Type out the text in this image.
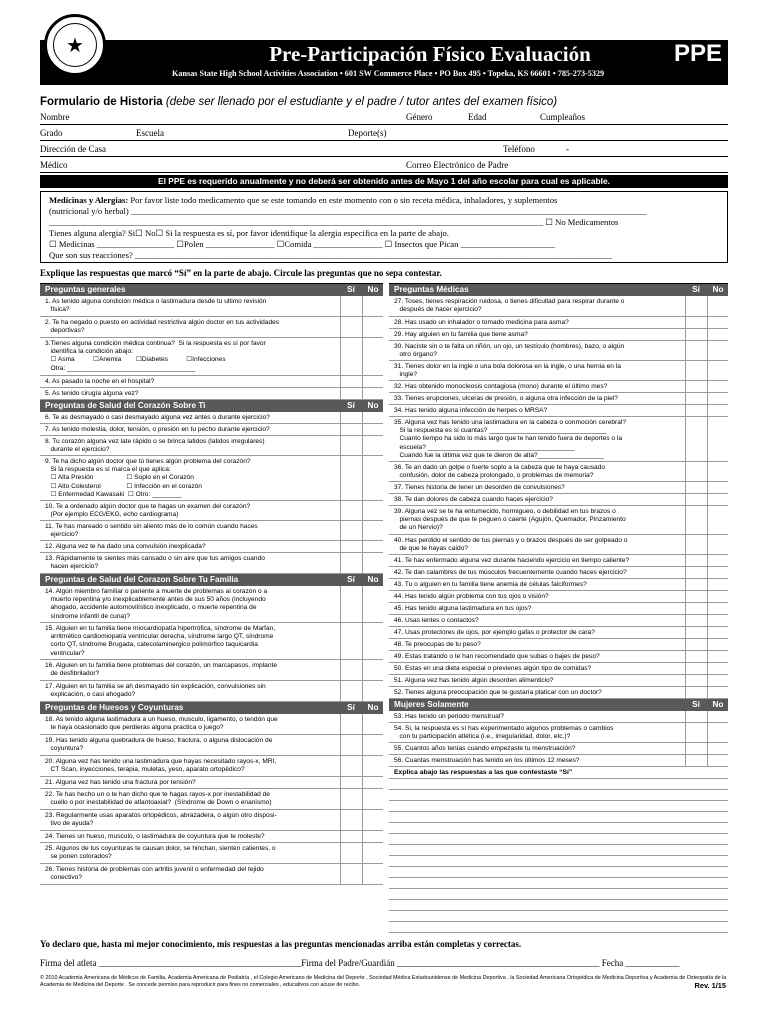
★	Pre-Participación Físico Evaluación	PPE
Kansas State High School Activities Association • 601 SW Commerce Place • PO Box 495 • Topeka, KS 66601 • 785-273-5329
Formulario de Historia (debe ser llenado por el estudiante y el padre / tutor antes del examen físico)
Nombre	Género	Edad	Cumpleaños
Grado	Escuela	Deporte(s)
Dirección de Casa	Teléfono	-
Médico	Correo Electrónico de Padre
El PPE es requerido anualmente y no deberá ser obtenido antes de Mayo 1 del año escolar para cual es aplicable.
Medicinas y Alergias: Por favor liste todo medicamento que se este tomando en este momento con o sin receta médica, inhaladores, y suplementos
(nutricional y/o herbal) ________________________________________________________________________________________________________________________
___________________________________________________________________________________________________________________ ☐ No Medicamentos
Tienes alguna alergia? Si☐ No☐ Si la respuesta es sí, por favor identifique la alergia especifica en la parte de abajo.
☐ Medicinas __________________ ☐Polen ________________ ☐Comida ________________ ☐ Insectos que Pican ______________________
Que son sus reacciones? _______________________________________________________________________________________________________________
Explique las respuestas que marcó “Sí” en la parte de abajo. Circule las preguntas que no sepa contestar.
Preguntas generales	Sí	No
1. As tenido alguna condición médica o lastimadura desde tu ultimo revisión
física?
2. Te ha negado o puesto en actividad restrictiva algún doctor en tus actividades
deportivas?
3.Tienes alguna condición médica continua?  Si la respuesta es sí por favor
identifica la condición abajo:
☐ Asma          ☐Anemia        ☐Diabetes          ☐Infecciones
Otra: ___________________________________
4. As pasado la noche en el hospital?
5. As tenido cirugía alguna vez?
Preguntas de Salud del Corazón Sobre Ti	Sí	No
6. Te as desmayado o casi desmayado alguna vez antes o durante ejercicio?
7. As tenido molestia, dolor, tensión, o presión en tu pecho durante ejercicio?
8. Tu corazón alguna vez late rápido o se brinca latidos (latidos irregulares)
durante el ejercicio?
9. Te ha dicho algún doctor que tú tienes algún problema del corazón?
Si la respuesta es sí marca el que aplica:
☐ Alta Presión                  ☐ Soplo en el Corazón
☐ Alto Colesterol              ☐ Infección en el corazón
☐ Enfermedad Kawasaki  ☐ Otro: ________
10. Te a ordenado algún doctor que te hagas un examen del corazón?
(Por ejemplo ECG/EKG, echo cardiograma)
11. Te has mareado o sentido sin aliento más de lo común cuando haces
ejercicio?
12. Alguna vez te ha dado una convulsión inexplicada?
13. Rápidamente te sientes más cansado o sin aire que tus amigos cuando
hacen ejercicio?
Preguntas de Salud del Corazon Sobre Tu Familia	Sí	No
14. Algún miembro familiar o pariente a muerte de problemas al corazón o a
muerto repentina y/o inexplicablemente antes de sus 50 años (incluyendo
ahogado, accidente automovilístico inexplicado, o muerte repentina de
síndrome infantil de cuna)?
15. Alguien en tu familia tiene miocardiopatía hipertrófica, síndrome de Marfan,
arritmético cardiomiopatía ventricular derecha, síndrome largo QT, síndrome
corto QT, síndrome Brugada, catecolaminergico polimórfico taquicardia
ventricular?
16. Alguien en tu familia tiene problemas del corazón, un marcapasos, implante
de desfibrilador?
17. Alguien en tu familia se ah desmayado sin explicación, convulsiones sin
explicación, o casi ahogado?
Preguntas de Huesos y Coyunturas	Sí	No
18. As tenido alguna lastimadura a un hueso, musculo, ligamento, o tendón que
te haya ocasionado que perdieras alguna practica o juego?
19. Has tenido alguna quebradura de hueso, fractura, o alguna dislocación de
coyuntura?
20. Alguna vez has tenido una lastimadura que hayas necesitado rayos-x, MRI,
CT Scan, inyecciones, terapia, muletas, yeso, aparato ortopédico?
21. Alguna vez has tenido una fractura por tensión?
22. Te has hecho un o te han dicho que te hagas rayos-x por inestabilidad de
cuello o por inestabilidad de atlantoaxial?  (Síndrome de Down o enanismo)
23. Regularmente usas aparatos ortopédicos, abrazadera, o algún otro disposi-
tivo de ayuda?
24. Tienes un hueso, musculo, o lastimadura de coyuntura que te moleste?
25. Algunos de tus coyunturas te causan dolor, se hinchan, sienten calientes, o
se ponen colorados?
26. Tienes historia de problemas con artritis juvenil o enfermedad del tejido
conectivo?
Preguntas Médicas	Sí	No
27. Toses, tienes respiración ruidosa, o tienes dificultad para respirar durante o
después de hacer ejercicio?
28. Has usado un inhalador o tomado medicina para asma?
29. Hay alguien en tu familia que tiene asma?
30. Naciste sin o te falta un riñón, un ojo, un testículo (hombres), bazo, o algún
otro órgano?
31. Tienes dolor en la ingle o una bola dolorosa en la ingle, o una hernia en la
ingle?
32. Has obtenido monocleosis contagiosa (mono) durante el último mes?
33. Tienes erupciones, ulceras de presión, o alguna otra infección de la piel?
34. Has tenido alguna infección de herpes o MRSA?
35. Alguna vez has tenido una lastimadura en la cabeza o conmoción cerebral?
Si la respuesta es sí cuantas? ________________________________
Cuanto tiempo ha sido lo más largo que te han tenido fuera de deportes o la
escuela? ________________________________________
Cuando fue la última vez que te dieron de alta?__________________
36. Te an dado un golpe o fuerte soplo a la cabeza que te haya causado
confusión, dolor de cabeza prolongado, o problemas de memoria?
37. Tienes historia de tener un desorden de convulsiones?
38. Te dan dolores de cabeza cuando haces ejercicio?
39. Alguna vez se te ha entumecido, hormigueo, o debilidad en tus brazos o
piernas después de que te peguen o caerte (Agujón, Quemador, Pinzamiento
de un Nervio)?
40. Has perdido el sentido de tus piernas y o brazos después de ser golpeado o
de que te hayas caído?
41. Te has enfermado alguna vez durante haciendo ejercicio en tiempo caliente?
42. Te dan calambres de tus músculos frecuentemente cuando haces ejercicio?
43. Tu o alguien en tu familia tiene anemia de células falciformes?
44. Has tenido algún problema con tus ojos o visión?
45. Has tenido alguna lastimadura en tus ojos?
46. Usas lentes o contactos?
47. Usas protectores de ojos, por ejemplo gafas o protector de cara?
48. Te preocupas de tu peso?
49. Estas tratando o te han recomendado que subas o bajes de peso?
50. Estas en una dieta especial o previenes algún tipo de comidas?
51. Alguna vez has tenido algún desorden alimenticio?
52. Tienes alguna preocupación que te gustaría platicar con un doctor?
Mujeres Solamente	Sí	No
53. Has tenido un periodo menstrual?
54. Si, la respuesta es sí has experimentado algunos problemas o cambios
con tu participación atlética (i.e., irregularidad, dolor, etc.)?
55. Cuantos años tenías cuando empezaste tu menstruación?
56. Cuantas menstruación has tenido en los últimos 12 meses?
Explica abajo las respuestas a las que contestaste “Sí”
Yo declaro que, hasta mi mejor conocimiento, mis respuestas a las preguntas mencionadas arriba están completas y correctas.
Firma del atleta _____________________________________________Firma del Padre/Guardián _____________________________________________ Fecha ____________
© 2010 Academia Americana de Médicos de Familia, Academia Americana de Pediatría , el Colegio Americano de Medicina del Deporte , Sociedad Médica Estadounidense de Medicina Deportiva , la Sociedad Americana Ortopédica de Medicina Deportiva y Academia de Osteopatía de la Academia de Medicina del Deporte . Se concede permiso para reproducir para fines no comerciales , educativos con acuse de recibo.	Rev. 1/15
